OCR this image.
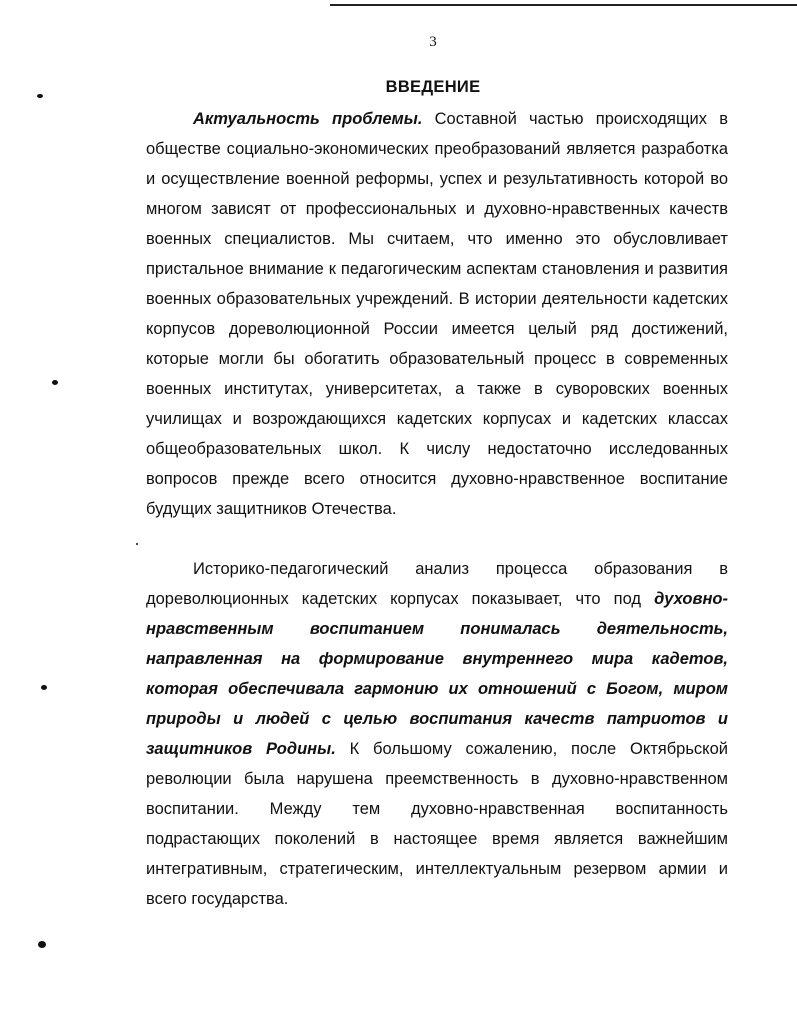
3
ВВЕДЕНИЕ
Актуальность проблемы. Составной частью происходящих в обществе социально-экономических преобразований является разработка и осуществление военной реформы, успех и результативность которой во многом зависят от профессиональных и духовно-нравственных качеств военных специалистов. Мы считаем, что именно это обусловливает пристальное внимание к педагогическим аспектам становления и развития военных образовательных учреждений. В истории деятельности кадетских корпусов дореволюционной России имеется целый ряд достижений, которые могли бы обогатить образовательный процесс в современных военных институтах, университетах, а также в суворовских военных училищах и возрождающихся кадетских корпусах и кадетских классах общеобразовательных школ. К числу недостаточно исследованных вопросов прежде всего относится духовно-нравственное воспитание будущих защитников Отечества.
Историко-педагогический анализ процесса образования в дореволюционных кадетских корпусах показывает, что под духовно-нравственным воспитанием понималась деятельность, направленная на формирование внутреннего мира кадетов, которая обеспечивала гармонию их отношений с Богом, миром природы и людей с целью воспитания качеств патриотов и защитников Родины. К большому сожалению, после Октябрьской революции была нарушена преемственность в духовно-нравственном воспитании. Между тем духовно-нравственная воспитанность подрастающих поколений в настоящее время является важнейшим интегративным, стратегическим, интеллектуальным резервом армии и всего государства.
